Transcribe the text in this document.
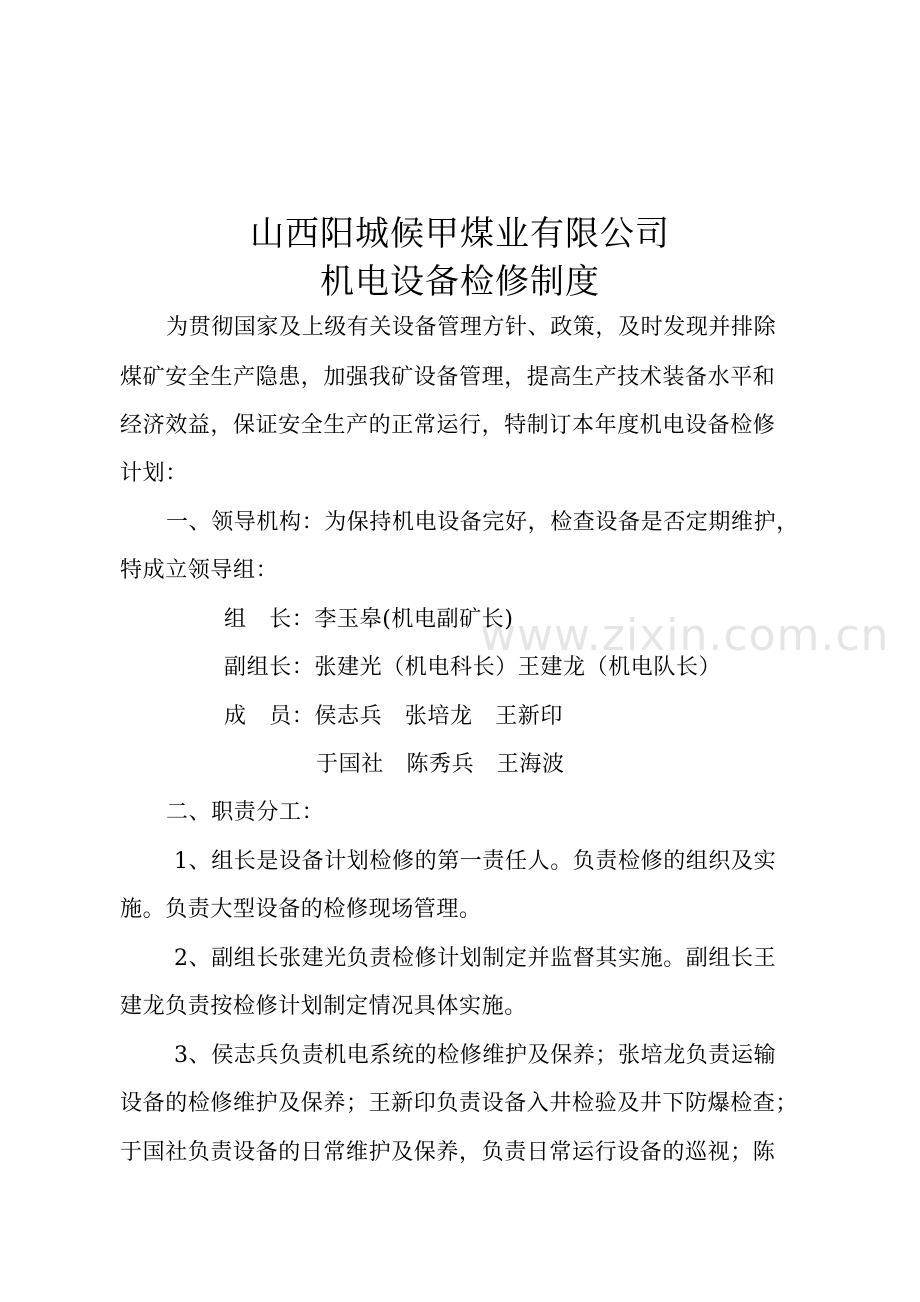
山西阳城候甲煤业有限公司
机电设备检修制度
为贯彻国家及上级有关设备管理方针、政策，及时发现并排除
煤矿安全生产隐患，加强我矿设备管理，提高生产技术装备水平和
经济效益，保证安全生产的正常运行，特制订本年度机电设备检修
计划：
一、领导机构：为保持机电设备完好，检查设备是否定期维护，
特成立领导组：
组　长：李玉皋(机电副矿长)
副组长：张建光（机电科长）王建龙（机电队长）
成　员：侯志兵　张培龙　王新印
于国社　陈秀兵　王海波
二、职责分工：
1、组长是设备计划检修的第一责任人。负责检修的组织及实
施。负责大型设备的检修现场管理。
2、副组长张建光负责检修计划制定并监督其实施。副组长王
建龙负责按检修计划制定情况具体实施。
3、侯志兵负责机电系统的检修维护及保养；张培龙负责运输
设备的检修维护及保养；王新印负责设备入井检验及井下防爆检查；
于国社负责设备的日常维护及保养，负责日常运行设备的巡视；陈
www.zixin.com.cn
